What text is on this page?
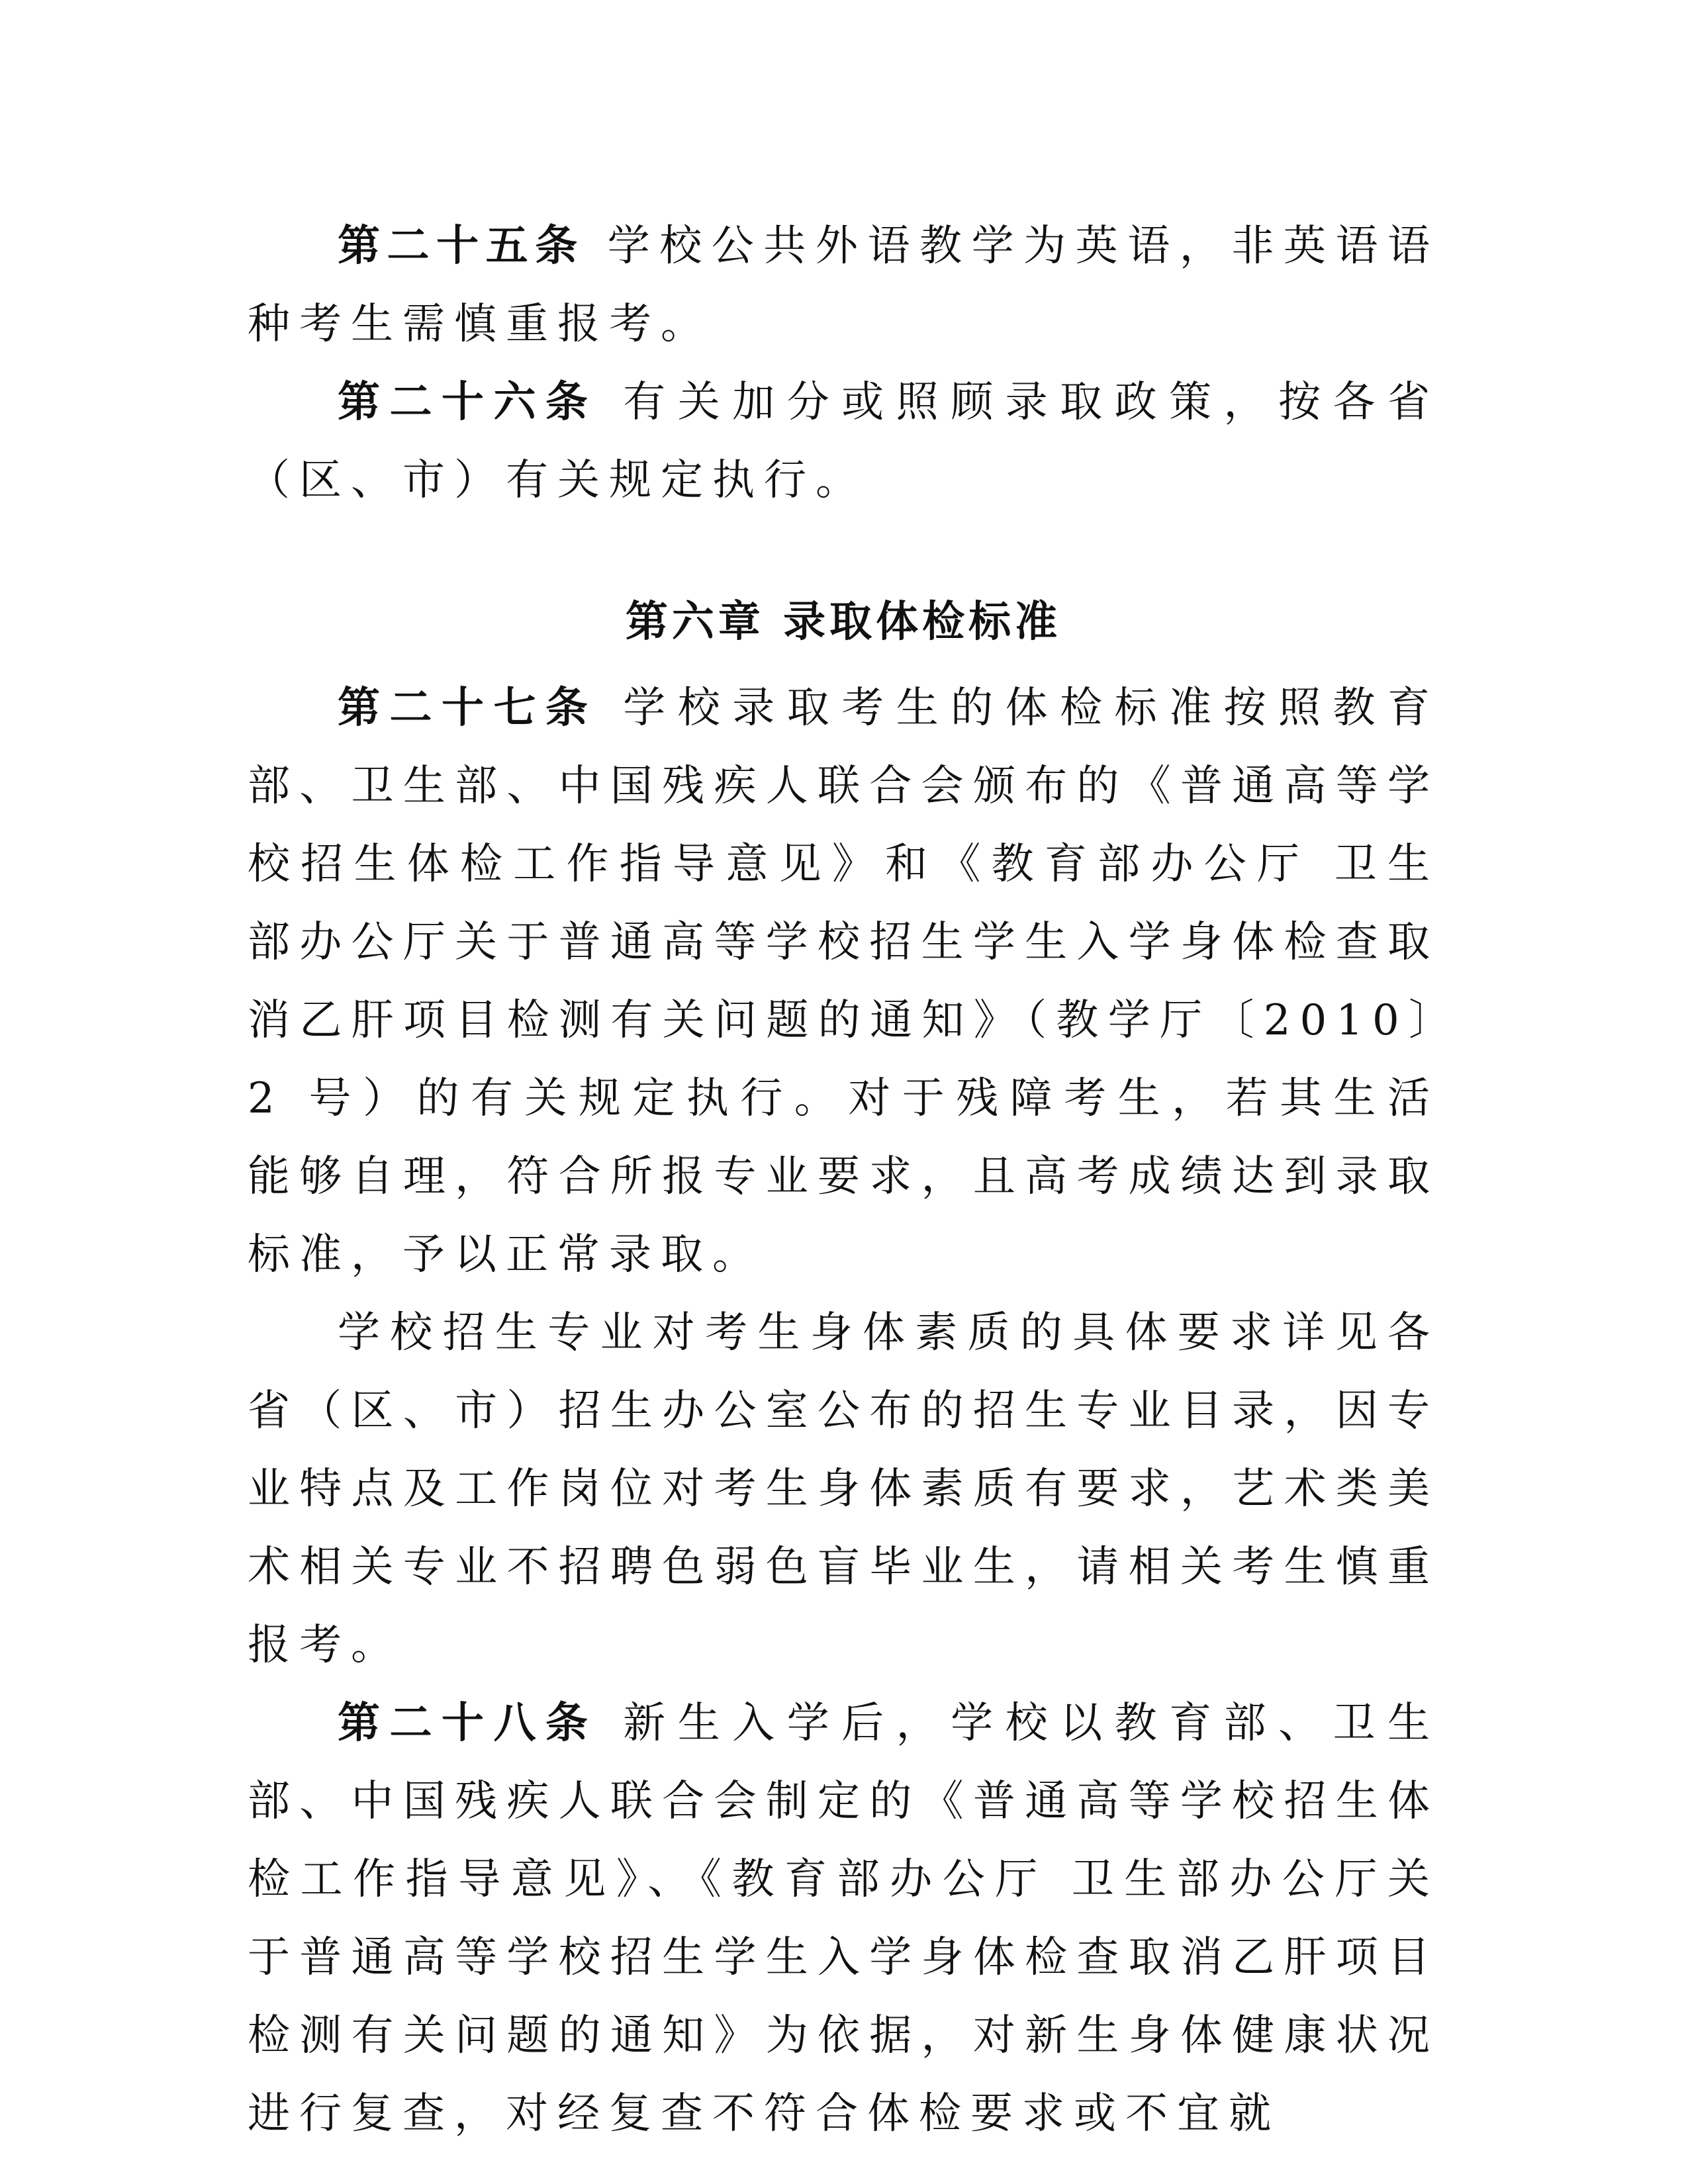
第二十五条 学校公共外语教学为英语，非英语语种考生需慎重报考。

第二十六条 有关加分或照顾录取政策，按各省（区、市）有关规定执行。

第六章 录取体检标准

第二十七条 学校录取考生的体检标准按照教育部、卫生部、中国残疾人联合会颁布的《普通高等学校招生体检工作指导意见》和《教育部办公厅 卫生部办公厅关于普通高等学校招生学生入学身体检查取消乙肝项目检测有关问题的通知》（教学厅〔2010〕2 号）的有关规定执行。对于残障考生，若其生活能够自理，符合所报专业要求，且高考成绩达到录取标准，予以正常录取。

学校招生专业对考生身体素质的具体要求详见各省（区、市）招生办公室公布的招生专业目录，因专业特点及工作岗位对考生身体素质有要求，艺术类美术相关专业不招聘色弱色盲毕业生，请相关考生慎重报考。

第二十八条 新生入学后，学校以教育部、卫生部、中国残疾人联合会制定的《普通高等学校招生体检工作指导意见》、《教育部办公厅 卫生部办公厅关于普通高等学校招生学生入学身体检查取消乙肝项目检测有关问题的通知》为依据，对新生身体健康状况进行复查，对经复查不符合体检要求或不宜就
